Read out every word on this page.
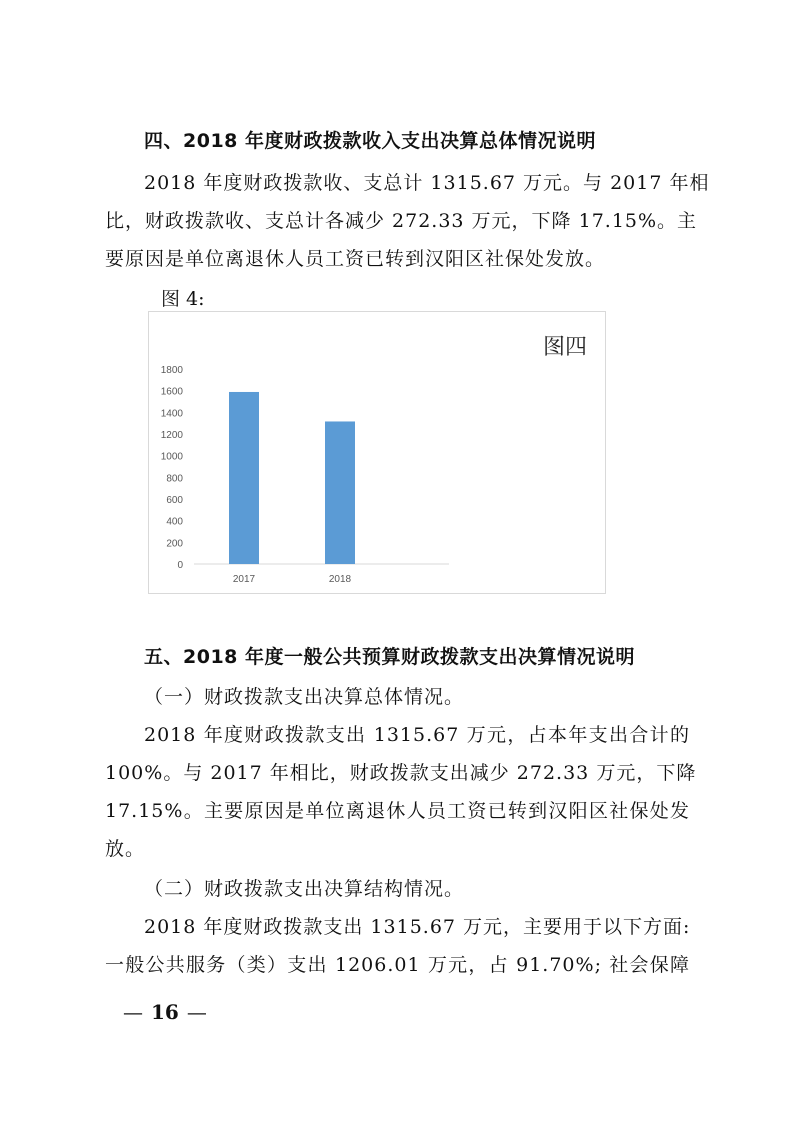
四、2018 年度财政拨款收入支出决算总体情况说明
2018 年度财政拨款收、支总计 1315.67 万元。与 2017 年相
比，财政拨款收、支总计各减少 272.33 万元，下降 17.15%。主
要原因是单位离退休人员工资已转到汉阳区社保处发放。
图 4:
0
200
400
600
800
1000
1200
1400
1600
1800
2017	2018
图四
五、2018 年度一般公共预算财政拨款支出决算情况说明
（一）财政拨款支出决算总体情况。
2018 年度财政拨款支出 1315.67 万元，占本年支出合计的
100%。与 2017 年相比，财政拨款支出减少 272.33 万元，下降
17.15%。主要原因是单位离退休人员工资已转到汉阳区社保处发
放。
（二）财政拨款支出决算结构情况。
2018 年度财政拨款支出 1315.67 万元，主要用于以下方面:
一般公共服务（类）支出 1206.01 万元，占 91.70%; 社会保障
— 16 —
